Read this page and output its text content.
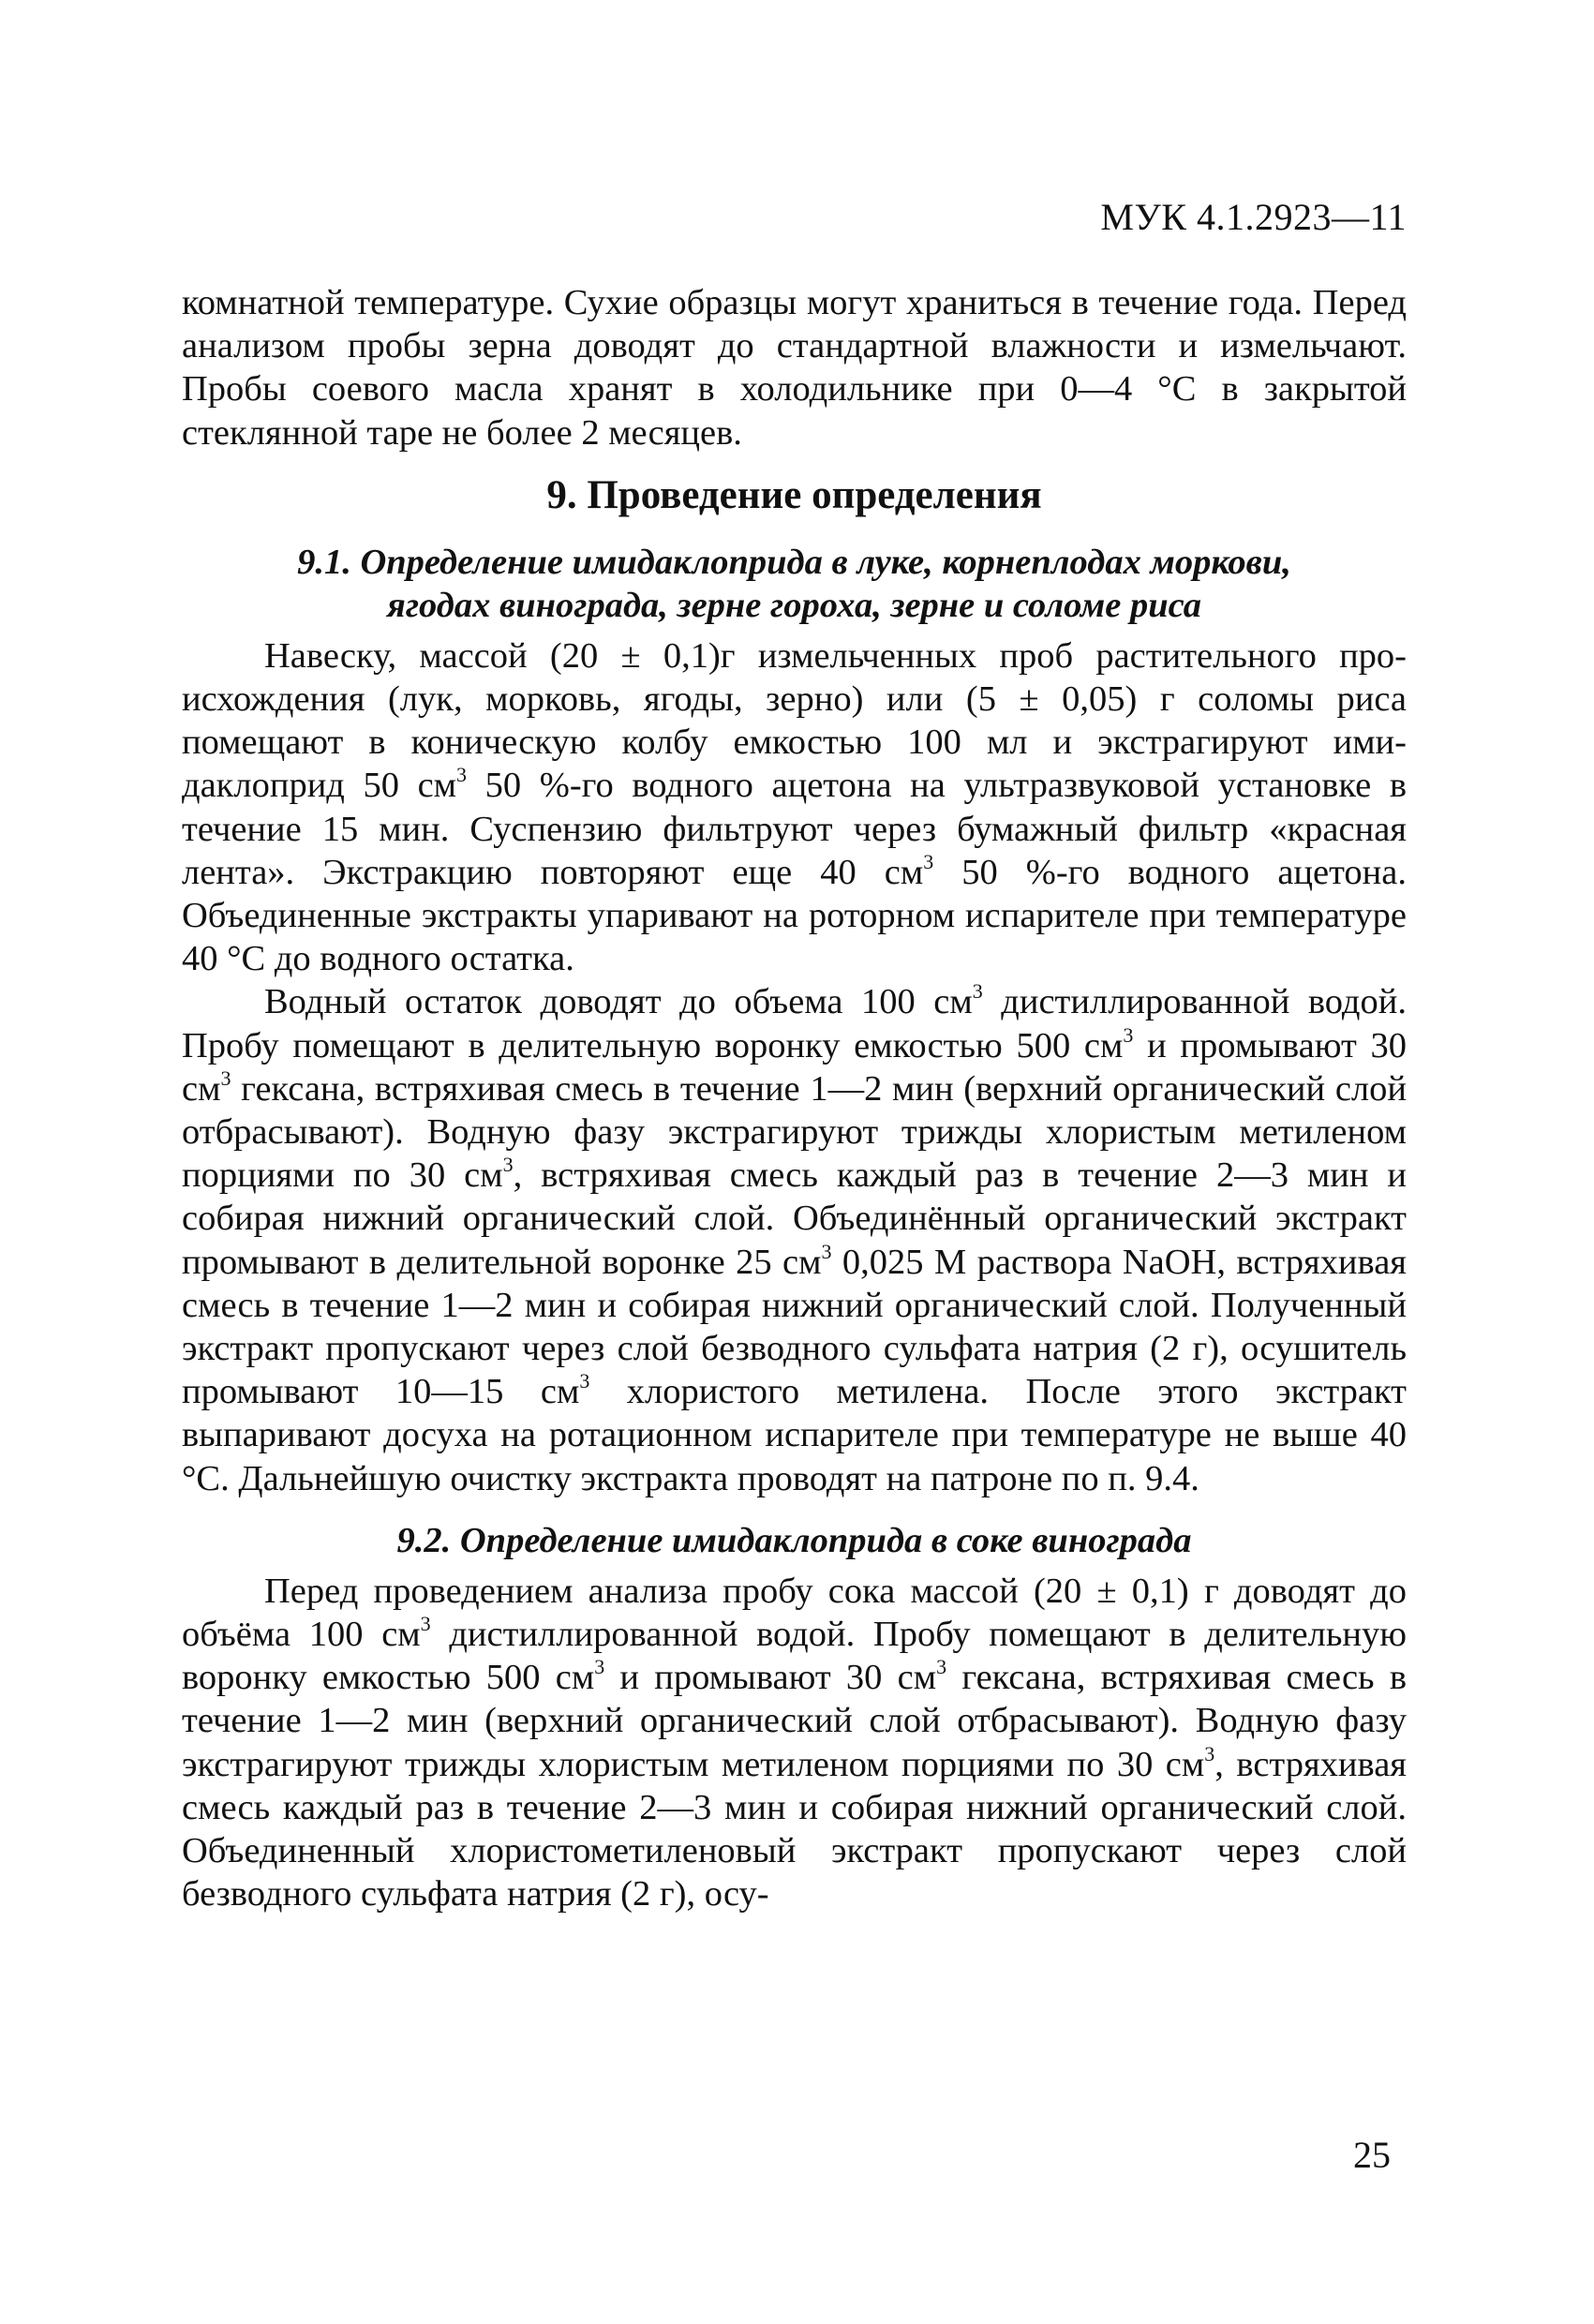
МУК 4.1.2923—11

комнатной температуре. Сухие образцы могут храниться в течение года. Перед анализом пробы зерна доводят до стандартной влажности и измельчают. Пробы соевого масла хранят в холодильнике при 0—4 °С в закрытой стеклянной таре не более 2 месяцев.

9. Проведение определения
9.1. Определение имидаклоприда в луке, корнеплодах моркови,
ягодах винограда, зерне гороха, зерне и соломе риса

Навеску, массой (20 ± 0,1)г измельченных проб растительного происхождения (лук, морковь, ягоды, зерно) или (5 ± 0,05) г соломы риса помещают в коническую колбу емкостью 100 мл и экстрагируют имидаклоприд 50 $см^3$ 50 %-го водного ацетона на ультразвуковой установке в течение 15 мин. Суспензию фильтруют через бумажный фильтр «красная лента». Экстракцию повторяют еще 40 $см^3$ 50 %-го водного ацетона. Объединенные экстракты упаривают на роторном испарителе при температуре 40 °С до водного остатка.

Водный остаток доводят до объема 100 $см^3$ дистиллированной водой. Пробу помещают в делительную воронку емкостью 500 $см^3$ и промывают 30 $см^3$ гексана, встряхивая смесь в течение 1—2 мин (верхний органический слой отбрасывают). Водную фазу экстрагируют трижды хлористым метиленом порциями по 30 $см^3$, встряхивая смесь каждый раз в течение 2—3 мин и собирая нижний органический слой. Объединённый органический экстракт промывают в делительной воронке 25 $см^3$ 0,025 М раствора NaOH, встряхивая смесь в течение 1—2 мин и собирая нижний органический слой. Полученный экстракт пропускают через слой безводного сульфата натрия (2 г), осушитель промывают 10—15 $см^3$ хлористого метилена. После этого экстракт выпаривают досуха на ротационном испарителе при температуре не выше 40 °С. Дальнейшую очистку экстракта проводят на патроне по п. 9.4.

9.2. Определение имидаклоприда в соке винограда

Перед проведением анализа пробу сока массой (20 ± 0,1) г доводят до объёма 100 $см^3$ дистиллированной водой. Пробу помещают в делительную воронку емкостью 500 $см^3$ и промывают 30 $см^3$ гексана, встряхивая смесь в течение 1—2 мин (верхний органический слой отбрасывают). Водную фазу экстрагируют трижды хлористым метиленом порциями по 30 $см^3$, встряхивая смесь каждый раз в течение 2—3 мин и собирая нижний органический слой. Объединенный хлористометиленовый экстракт пропускают через слой безводного сульфата натрия (2 г), осу-

25
